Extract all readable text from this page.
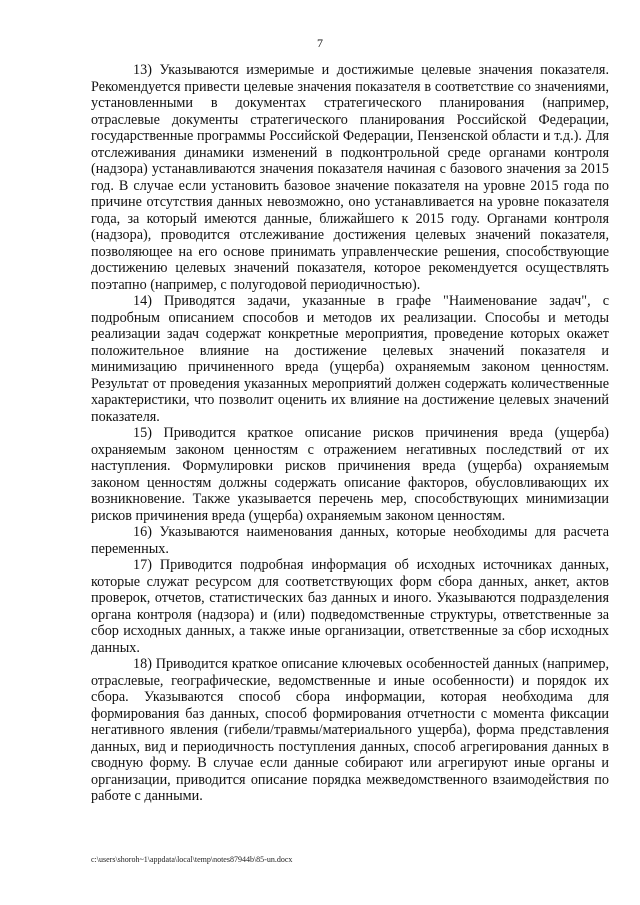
7

13) Указываются измеримые и достижимые целевые значения показателя. Рекомендуется привести целевые значения показателя в соответствие со значениями, установленными в документах стратегического планирования (например, отраслевые документы стратегического планирования Российской Федерации, государственные программы Российской Федерации, Пензенской области и т.д.). Для отслеживания динамики изменений в подконтрольной среде органами контроля (надзора) устанавливаются значения показателя начиная с базового значения за 2015 год. В случае если установить базовое значение показателя на уровне 2015 года по причине отсутствия данных невозможно, оно устанавливается на уровне показателя года, за который имеются данные, ближайшего к 2015 году. Органами контроля (надзора), проводится отслеживание достижения целевых значений показателя, позволяющее на его основе принимать управленческие решения, способствующие достижению целевых значений показателя, которое рекомендуется осуществлять поэтапно (например, с полугодовой периодичностью).

14) Приводятся задачи, указанные в графе "Наименование задач", с подробным описанием способов и методов их реализации. Способы и методы реализации задач содержат конкретные мероприятия, проведение которых окажет положительное влияние на достижение целевых значений показателя и минимизацию причиненного вреда (ущерба) охраняемым законом ценностям. Результат от проведения указанных мероприятий должен содержать количественные характеристики, что позволит оценить их влияние на достижение целевых значений показателя.

15) Приводится краткое описание рисков причинения вреда (ущерба) охраняемым законом ценностям с отражением негативных последствий от их наступления. Формулировки рисков причинения вреда (ущерба) охраняемым законом ценностям должны содержать описание факторов, обусловливающих их возникновение. Также указывается перечень мер, способствующих минимизации рисков причинения вреда (ущерба) охраняемым законом ценностям.

16) Указываются наименования данных, которые необходимы для расчета переменных.

17) Приводится подробная информация об исходных источниках данных, которые служат ресурсом для соответствующих форм сбора данных, анкет, актов проверок, отчетов, статистических баз данных и иного. Указываются подразделения органа контроля (надзора) и (или) подведомственные структуры, ответственные за сбор исходных данных, а также иные организации, ответственные за сбор исходных данных.

18) Приводится краткое описание ключевых особенностей данных (например, отраслевые, географические, ведомственные и иные особенности) и порядок их сбора. Указываются способ сбора информации, которая необходима для формирования баз данных, способ формирования отчетности с момента фиксации негативного явления (гибели/травмы/материального ущерба), форма представления данных, вид и периодичность поступления данных, способ агрегирования данных в сводную форму. В случае если данные собирают или агрегируют иные органы и организации, приводится описание порядка межведомственного взаимодействия по работе с данными.

c:\users\shoroh~1\appdata\local\temp\notes87944b\85-un.docx
